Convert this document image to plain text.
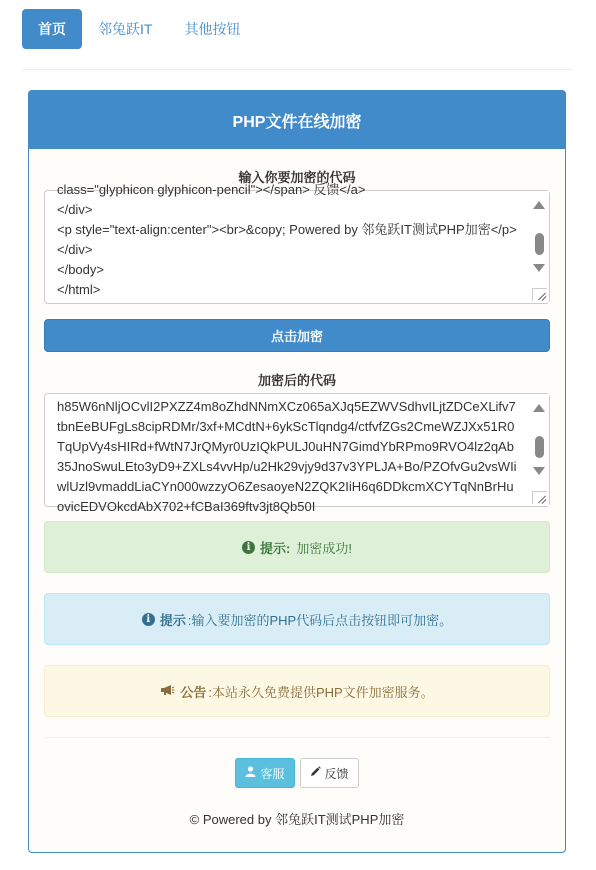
首页	邻兔跃IT	其他按钮
PHP文件在线加密
输入你要加密的代码
class="glyphicon glyphicon-pencil"></span> 反馈</a>
</div>
<p style="text-align:center"><br>&copy; Powered by 邻兔跃IT测试PHP加密</p></div>
</body>
</html>
点击加密
加密后的代码
h85W6nNljOCvlI2PXZZ4m8oZhdNNmXCz065aXJq5EZWVSdhvILjtZDCeXLifv7tbnEeBUFgLs8cipRDMr/3xf+MCdtN+6ykScTlqndg4/ctfvfZGs2CmeWZJXx51R0TqUpVy4sHIRd+fWtN7JrQMyr0UzIQkPULJ0uHN7GimdYbRPmo9RVO4lz2qAb35JnoSwuLEto3yD9+ZXLs4vvHp/u2Hk29vjy9d37v3YPLJA+Bo/PZOfvGu2vsWIiwlUzl9vmaddLiaCYn000wzzyO6ZesaoyeN2ZQK2IiH6q6DDkcmXCYTqNnBrHuovicEDVOkcdAbX702+fCBaI369ftv3jt8Qb50I
i 提示: 加密成功!
i 提示 :输入要加密的PHP代码后点击按钮即可加密。
公告 :本站永久免费提供PHP文件加密服务。
客服	反馈
© Powered by 邻兔跃IT测试PHP加密
